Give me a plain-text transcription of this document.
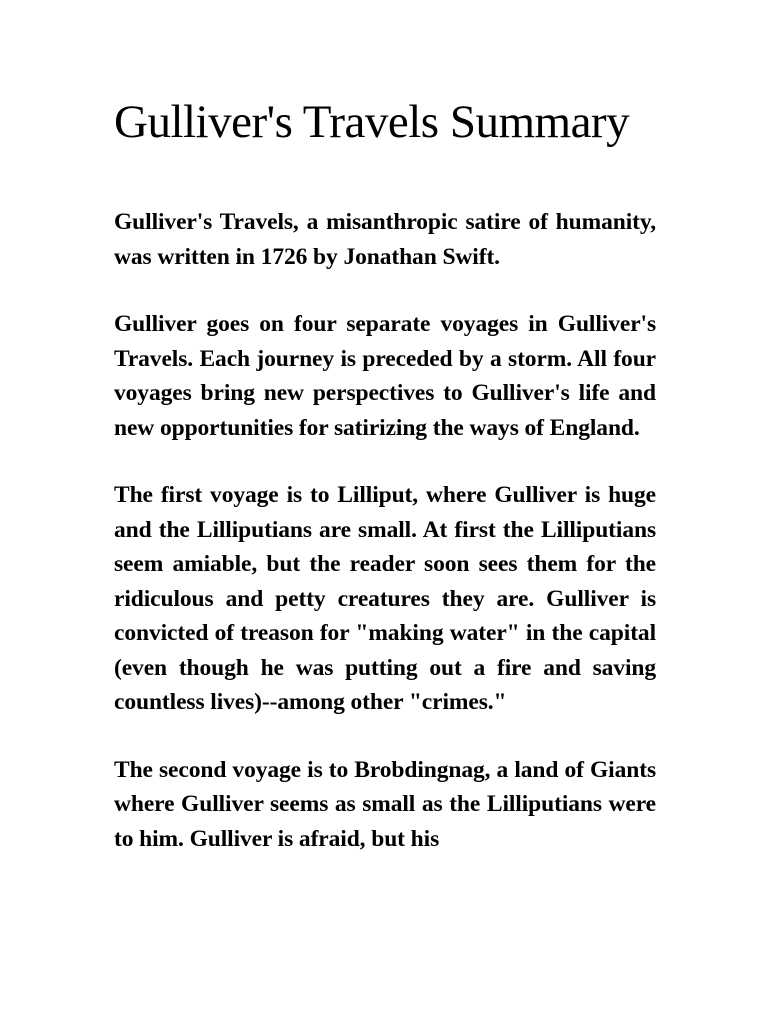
Gulliver's Travels Summary

Gulliver's Travels, a misanthropic satire of humanity, was written in 1726 by Jonathan Swift.

Gulliver goes on four separate voyages in Gulliver's Travels. Each journey is preceded by a storm. All four voyages bring new perspectives to Gulliver's life and new opportunities for satirizing the ways of England.

The first voyage is to Lilliput, where Gulliver is huge and the Lilliputians are small. At first the Lilliputians seem amiable, but the reader soon sees them for the ridiculous and petty creatures they are. Gulliver is convicted of treason for "making water" in the capital (even though he was putting out a fire and saving countless lives)--among other "crimes."

The second voyage is to Brobdingnag, a land of Giants where Gulliver seems as small as the Lilliputians were to him. Gulliver is afraid, but his
